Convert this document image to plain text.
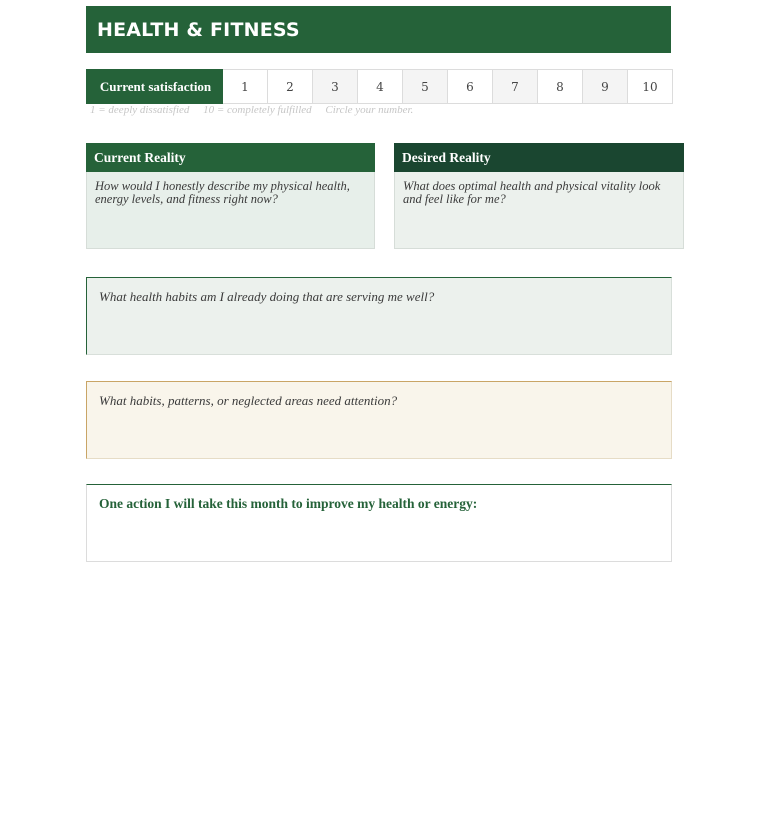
HEALTH & FITNESS
Current satisfaction	1	2	3	4	5	6	7	8	9	10
1 = deeply dissatisfied     10 = completely fulfilled     Circle your number.
Current Reality
How would I honestly describe my physical health, energy levels, and fitness right now?
Desired Reality
What does optimal health and physical vitality look and feel like for me?
What health habits am I already doing that are serving me well?
What habits, patterns, or neglected areas need attention?
One action I will take this month to improve my health or energy:
